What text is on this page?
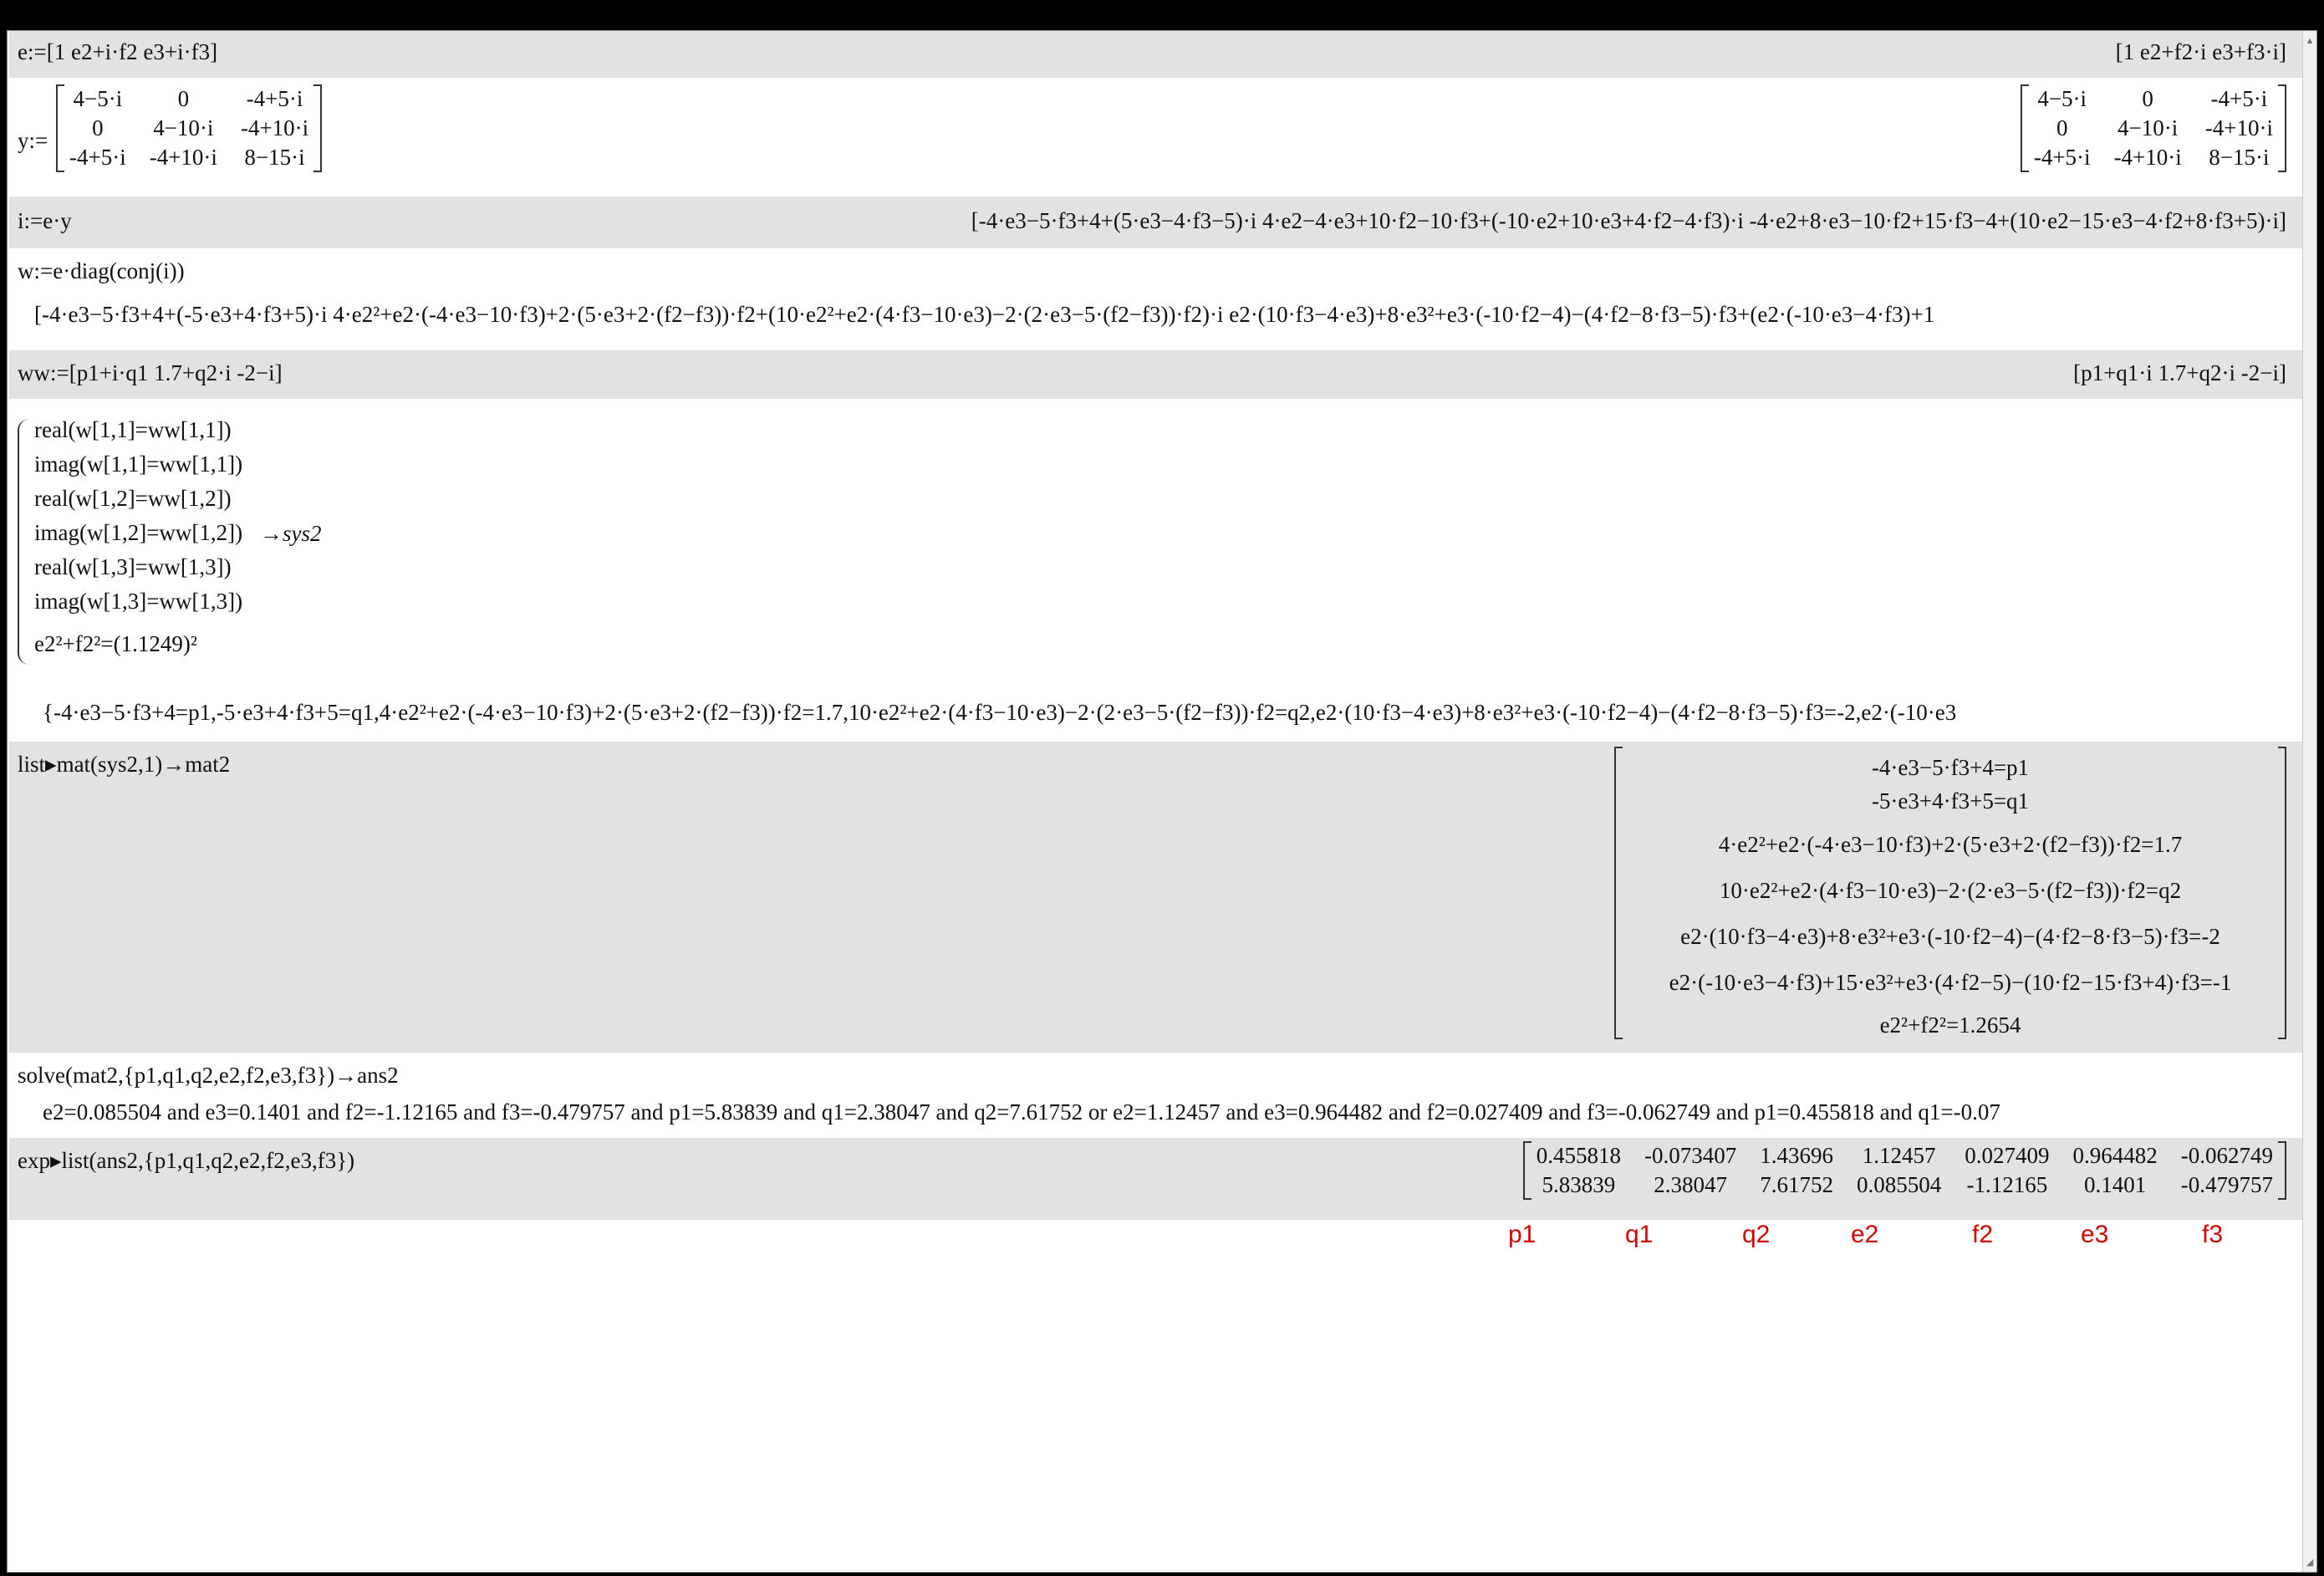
e:=[1 e2+i·f2 e3+i·f3]	[1 e2+f2·i e3+f3·i]
y:=
4−5·i	0	-4+5·i
0	4−10·i	-4+10·i
-4+5·i	-4+10·i	8−15·i
4−5·i	0	-4+5·i
0	4−10·i	-4+10·i
-4+5·i	-4+10·i	8−15·i
i:=e·y	[-4·e3−5·f3+4+(5·e3−4·f3−5)·i 4·e2−4·e3+10·f2−10·f3+(-10·e2+10·e3+4·f2−4·f3)·i -4·e2+8·e3−10·f2+15·f3−4+(10·e2−15·e3−4·f2+8·f3+5)·i]
w:=e·diag(conj(i))
[-4·e3−5·f3+4+(-5·e3+4·f3+5)·i 4·e2²+e2·(-4·e3−10·f3)+2·(5·e3+2·(f2−f3))·f2+(10·e2²+e2·(4·f3−10·e3)−2·(2·e3−5·(f2−f3))·f2)·i e2·(10·f3−4·e3)+8·e3²+e3·(-10·f2−4)−(4·f2−8·f3−5)·f3+(e2·(-10·e3−4·f3)+1
ww:=[p1+i·q1 1.7+q2·i -2−i]	[p1+q1·i 1.7+q2·i -2−i]
real(w[1,1]=ww[1,1])
imag(w[1,1]=ww[1,1])
real(w[1,2]=ww[1,2])
imag(w[1,2]=ww[1,2])
real(w[1,3]=ww[1,3])
imag(w[1,3]=ww[1,3])
e2²+f2²=(1.1249)²
→sys2
{-4·e3−5·f3+4=p1,-5·e3+4·f3+5=q1,4·e2²+e2·(-4·e3−10·f3)+2·(5·e3+2·(f2−f3))·f2=1.7,10·e2²+e2·(4·f3−10·e3)−2·(2·e3−5·(f2−f3))·f2=q2,e2·(10·f3−4·e3)+8·e3²+e3·(-10·f2−4)−(4·f2−8·f3−5)·f3=-2,e2·(-10·e3
list▸mat(sys2,1)→mat2	-4·e3−5·f3+4=p1
-5·e3+4·f3+5=q1
4·e2²+e2·(-4·e3−10·f3)+2·(5·e3+2·(f2−f3))·f2=1.7
10·e2²+e2·(4·f3−10·e3)−2·(2·e3−5·(f2−f3))·f2=q2
e2·(10·f3−4·e3)+8·e3²+e3·(-10·f2−4)−(4·f2−8·f3−5)·f3=-2
e2·(-10·e3−4·f3)+15·e3²+e3·(4·f2−5)−(10·f2−15·f3+4)·f3=-1
e2²+f2²=1.2654
solve(mat2,{p1,q1,q2,e2,f2,e3,f3})→ans2
e2=0.085504 and e3=0.1401 and f2=-1.12165 and f3=-0.479757 and p1=5.83839 and q1=2.38047 and q2=7.61752 or e2=1.12457 and e3=0.964482 and f2=0.027409 and f3=-0.062749 and p1=0.455818 and q1=-0.07
exp▸list(ans2,{p1,q1,q2,e2,f2,e3,f3})	0.455818	-0.073407	1.43696	1.12457	0.027409	0.964482	-0.062749
5.83839	2.38047	7.61752	0.085504	-1.12165	0.1401	-0.479757
p1	q1	q2	e2	f2	e3	f3
▲
◢
